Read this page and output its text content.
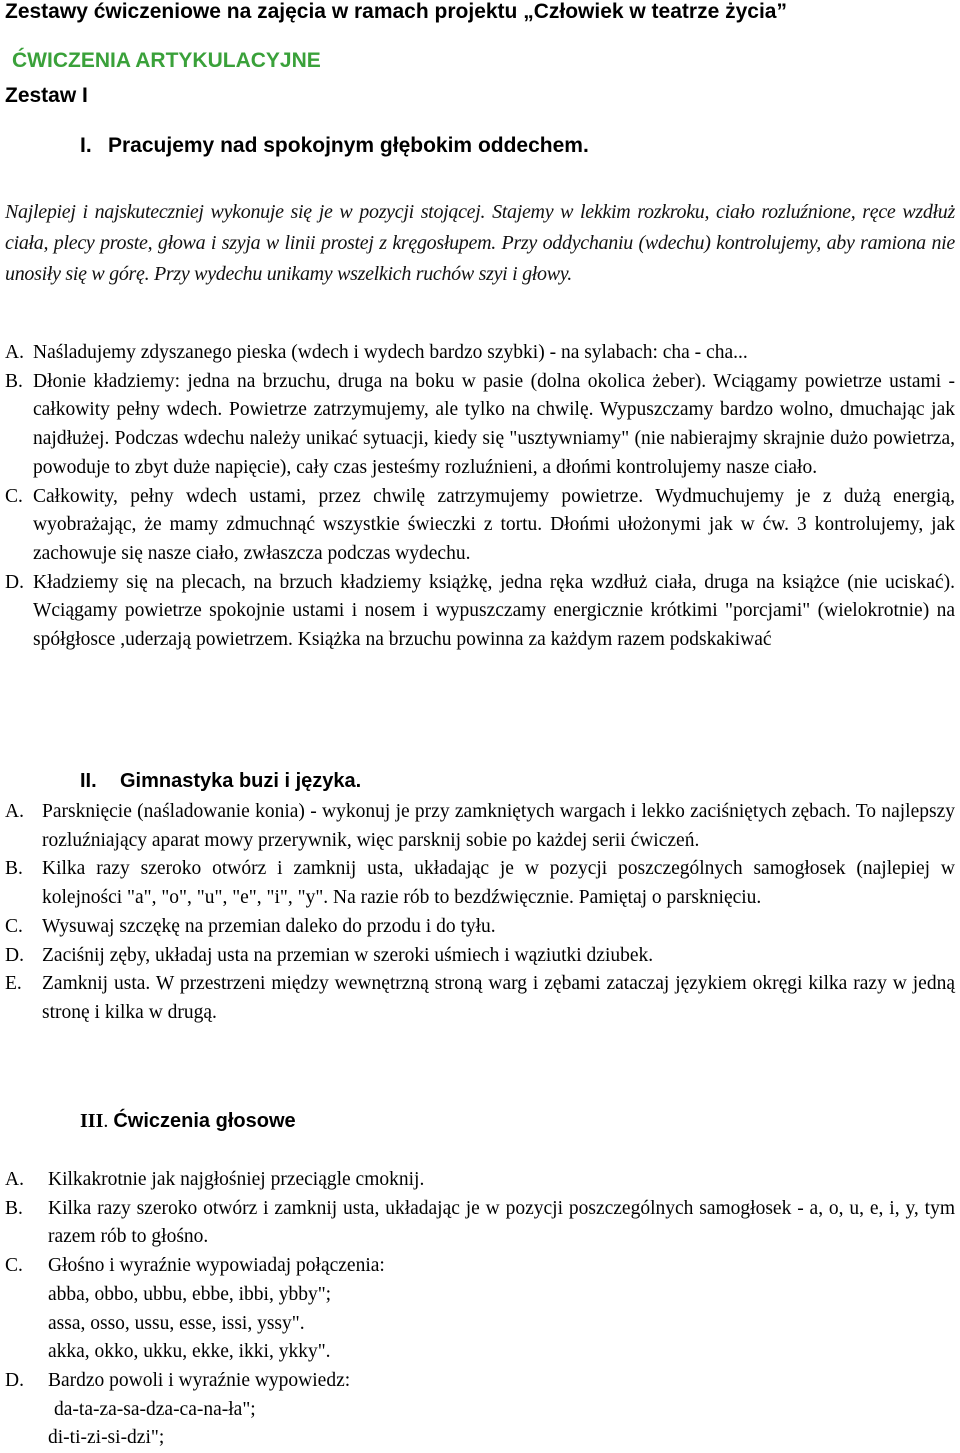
Zestawy ćwiczeniowe na zajęcia w ramach projektu „Człowiek w teatrze życia”
ĆWICZENIA ARTYKULACYJNE
Zestaw I
I. Pracujemy nad spokojnym głębokim oddechem.
Najlepiej i najskuteczniej wykonuje się je w pozycji stojącej. Stajemy w lekkim rozkroku, ciało rozluźnione, ręce wzdłuż ciała, plecy proste, głowa i szyja w linii prostej z kręgosłupem. Przy oddychaniu (wdechu) kontrolujemy, aby ramiona nie unosiły się w górę. Przy wydechu unikamy wszelkich ruchów szyi i głowy.
A. Naśladujemy zdyszanego pieska (wdech i wydech bardzo szybki) - na sylabach: cha - cha...
B. Dłonie kładziemy: jedna na brzuchu, druga na boku w pasie (dolna okolica żeber). Wciągamy powietrze ustami - całkowity pełny wdech. Powietrze zatrzymujemy, ale tylko na chwilę. Wypuszczamy bardzo wolno, dmuchając jak najdłużej. Podczas wdechu należy unikać sytuacji, kiedy się "usztywniamy" (nie nabierajmy skrajnie dużo powietrza, powoduje to zbyt duże napięcie), cały czas jesteśmy rozluźnieni, a dłońmi kontrolujemy nasze ciało.
C. Całkowity, pełny wdech ustami, przez chwilę zatrzymujemy powietrze. Wydmuchujemy je z dużą energią, wyobrażając, że mamy zdmuchnąć wszystkie świeczki z tortu. Dłońmi ułożonymi jak w ćw. 3 kontrolujemy, jak zachowuje się nasze ciało, zwłaszcza podczas wydechu.
D. Kładziemy się na plecach, na brzuch kładziemy książkę, jedna ręka wzdłuż ciała, druga na książce (nie uciskać). Wciągamy powietrze spokojnie ustami i nosem i wypuszczamy energicznie krótkimi "porcjami" (wielokrotnie) na spółgłosce ,uderzają powietrzem. Książka na brzuchu powinna za każdym razem podskakiwać
II. Gimnastyka buzi i języka.
A. Parsknięcie (naśladowanie konia) - wykonuj je przy zamkniętych wargach i lekko zaciśniętych zębach. To najlepszy rozluźniający aparat mowy przerywnik, więc parsknij sobie po każdej serii ćwiczeń.
B. Kilka razy szeroko otwórz i zamknij usta, układając je w pozycji poszczególnych samogłosek (najlepiej w kolejności "a", "o", "u", "e", "i", "y". Na razie rób to bezdźwięcznie. Pamiętaj o parsknięciu.
C. Wysuwaj szczękę na przemian daleko do przodu i do tyłu.
D. Zaciśnij zęby, układaj usta na przemian w szeroki uśmiech i wąziutki dziubek.
E.	Zamknij usta. W przestrzeni między wewnętrzną stroną warg i zębami zataczaj językiem okręgi kilka razy w jedną stronę i kilka w drugą.
III. Ćwiczenia głosowe
A.	Kilkakrotnie jak najgłośniej przeciągle cmoknij.
B.	Kilka razy szeroko otwórz i zamknij usta, układając je w pozycji poszczególnych samogłosek - a, o, u, e, i, y, tym razem rób to głośno.
C.	Głośno i wyraźnie wypowiadaj połączenia:
abba, obbo, ubbu, ebbe, ibbi, ybby";
assa, osso, ussu, esse, issi, yssy".
akka, okko, ukku, ekke, ikki, ykky".
D.	Bardzo powoli i wyraźnie wypowiedz:
da-ta-za-sa-dza-ca-na-ła";
di-ti-zi-si-dzi";
